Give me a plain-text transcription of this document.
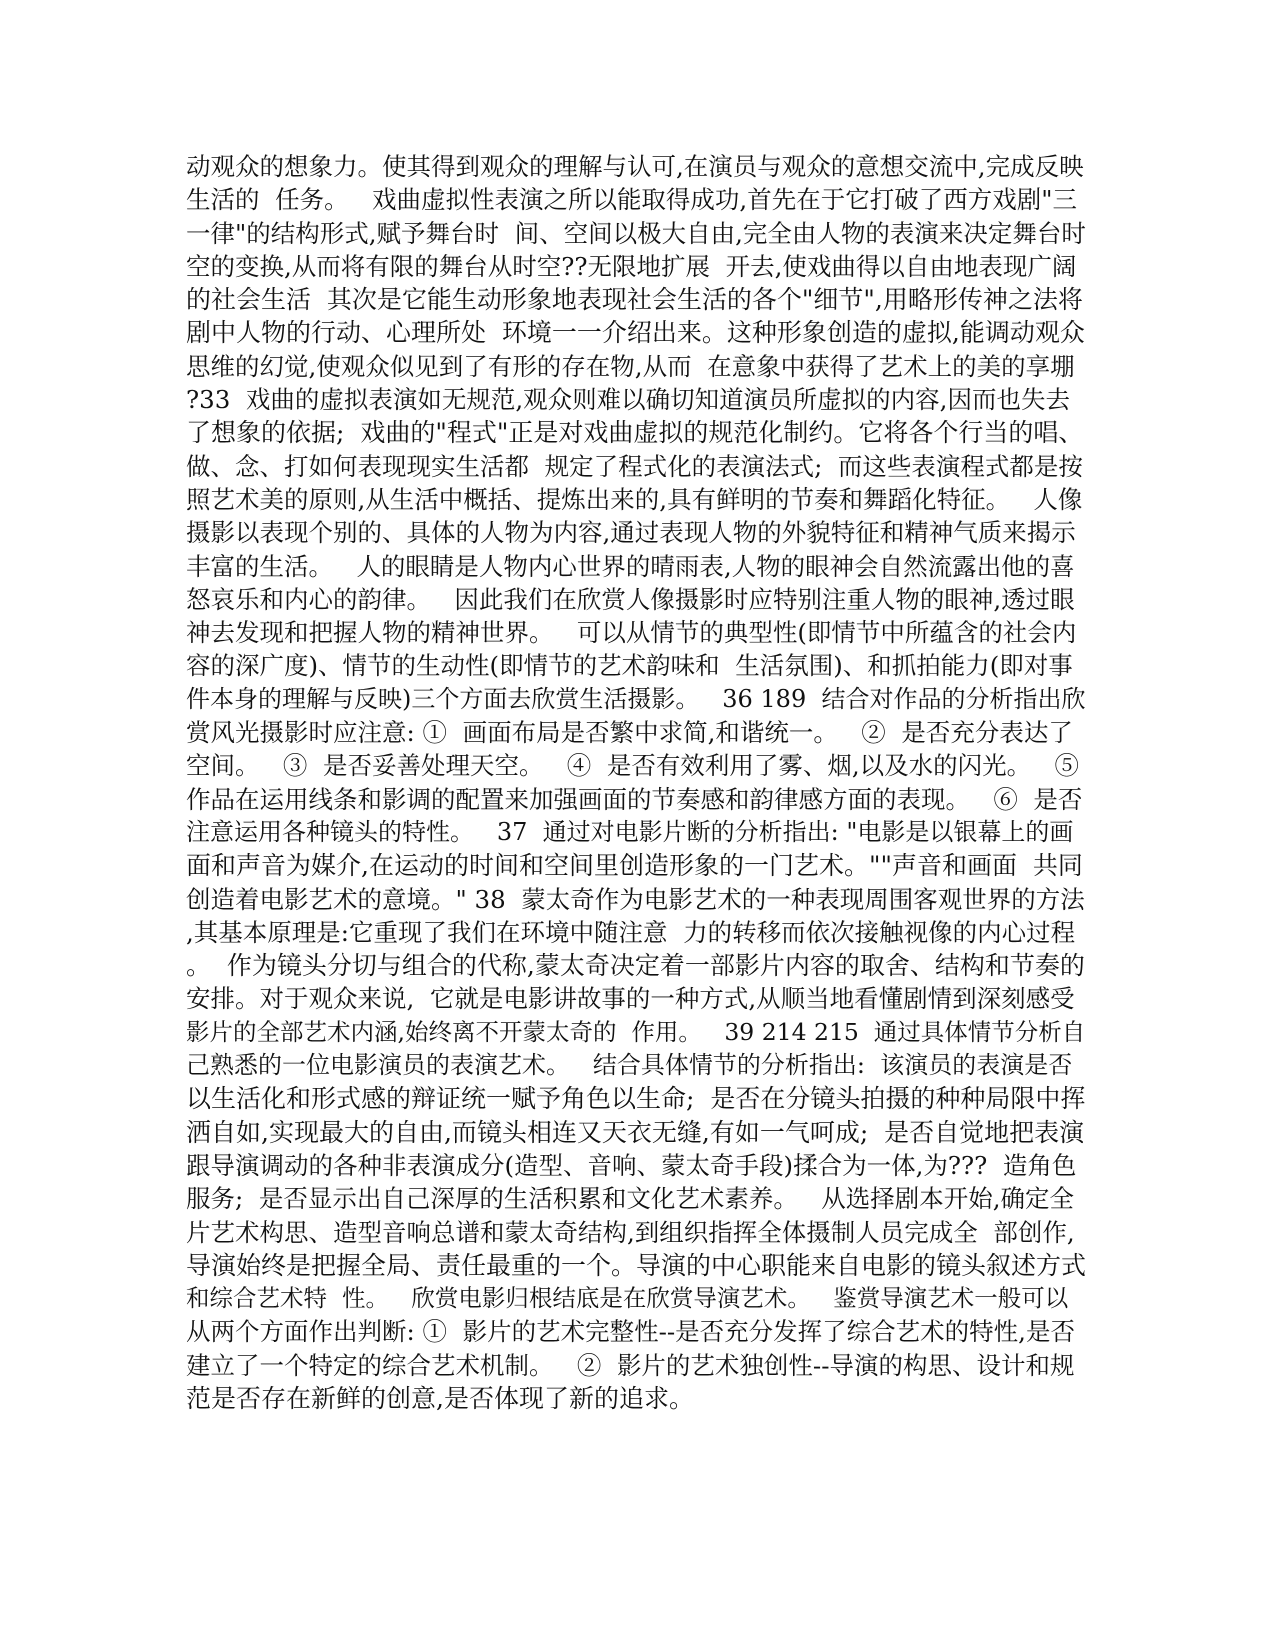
动观众的想象力。使其得到观众的理解与认可,在演员与观众的意想交流中,完成反映
生活的  任务。   戏曲虚拟性表演之所以能取得成功,首先在于它打破了西方戏剧"三
一律"的结构形式,赋予舞台时  间、空间以极大自由,完全由人物的表演来决定舞台时
空的变换,从而将有限的舞台从时空??无限地扩展  开去,使戏曲得以自由地表现广阔
的社会生活  其次是它能生动形象地表现社会生活的各个"细节",用略形传神之法将
剧中人物的行动、心理所处  环境一一介绍出来。这种形象创造的虚拟,能调动观众
思维的幻觉,使观众似见到了有形的存在物,从而  在意象中获得了艺术上的美的享堋
?33  戏曲的虚拟表演如无规范,观众则难以确切知道演员所虚拟的内容,因而也失去
了想象的依据;  戏曲的"程式"正是对戏曲虚拟的规范化制约。它将各个行当的唱、
做、念、打如何表现现实生活都  规定了程式化的表演法式;  而这些表演程式都是按
照艺术美的原则,从生活中概括、提炼出来的,具有鲜明的节奏和舞蹈化特征。   人像
摄影以表现个别的、具体的人物为内容,通过表现人物的外貌特征和精神气质来揭示
丰富的生活。   人的眼睛是人物内心世界的晴雨表,人物的眼神会自然流露出他的喜
怒哀乐和内心的韵律。   因此我们在欣赏人像摄影时应特别注重人物的眼神,透过眼
神去发现和把握人物的精神世界。   可以从情节的典型性(即情节中所蕴含的社会内
容的深广度)、情节的生动性(即情节的艺术韵味和  生活氛围)、和抓拍能力(即对事
件本身的理解与反映)三个方面去欣赏生活摄影。   36 189  结合对作品的分析指出欣
赏风光摄影时应注意: ①  画面布局是否繁中求简,和谐统一。   ②  是否充分表达了
空间。   ③  是否妥善处理天空。   ④  是否有效利用了雾、烟,以及水的闪光。   ⑤
作品在运用线条和影调的配置来加强画面的节奏感和韵律感方面的表现。   ⑥  是否
注意运用各种镜头的特性。   37  通过对电影片断的分析指出: "电影是以银幕上的画
面和声音为媒介,在运动的时间和空间里创造形象的一门艺术。""声音和画面  共同
创造着电影艺术的意境。" 38  蒙太奇作为电影艺术的一种表现周围客观世界的方法
,其基本原理是:它重现了我们在环境中随注意  力的转移而依次接触视像的内心过程
。  作为镜头分切与组合的代称,蒙太奇决定着一部影片内容的取舍、结构和节奏的
安排。对于观众来说,  它就是电影讲故事的一种方式,从顺当地看懂剧情到深刻感受
影片的全部艺术内涵,始终离不开蒙太奇的  作用。   39 214 215  通过具体情节分析自
己熟悉的一位电影演员的表演艺术。   结合具体情节的分析指出:  该演员的表演是否
以生活化和形式感的辩证统一赋予角色以生命;  是否在分镜头拍摄的种种局限中挥
洒自如,实现最大的自由,而镜头相连又天衣无缝,有如一气呵成;  是否自觉地把表演
跟导演调动的各种非表演成分(造型、音响、蒙太奇手段)揉合为一体,为???  造角色
服务;  是否显示出自己深厚的生活积累和文化艺术素养。   从选择剧本开始,确定全
片艺术构思、造型音响总谱和蒙太奇结构,到组织指挥全体摄制人员完成全  部创作,
导演始终是把握全局、责任最重的一个。导演的中心职能来自电影的镜头叙述方式
和综合艺术特  性。   欣赏电影归根结底是在欣赏导演艺术。   鉴赏导演艺术一般可以
从两个方面作出判断: ①  影片的艺术完整性--是否充分发挥了综合艺术的特性,是否
建立了一个特定的综合艺术机制。   ②  影片的艺术独创性--导演的构思、设计和规
范是否存在新鲜的创意,是否体现了新的追求。
